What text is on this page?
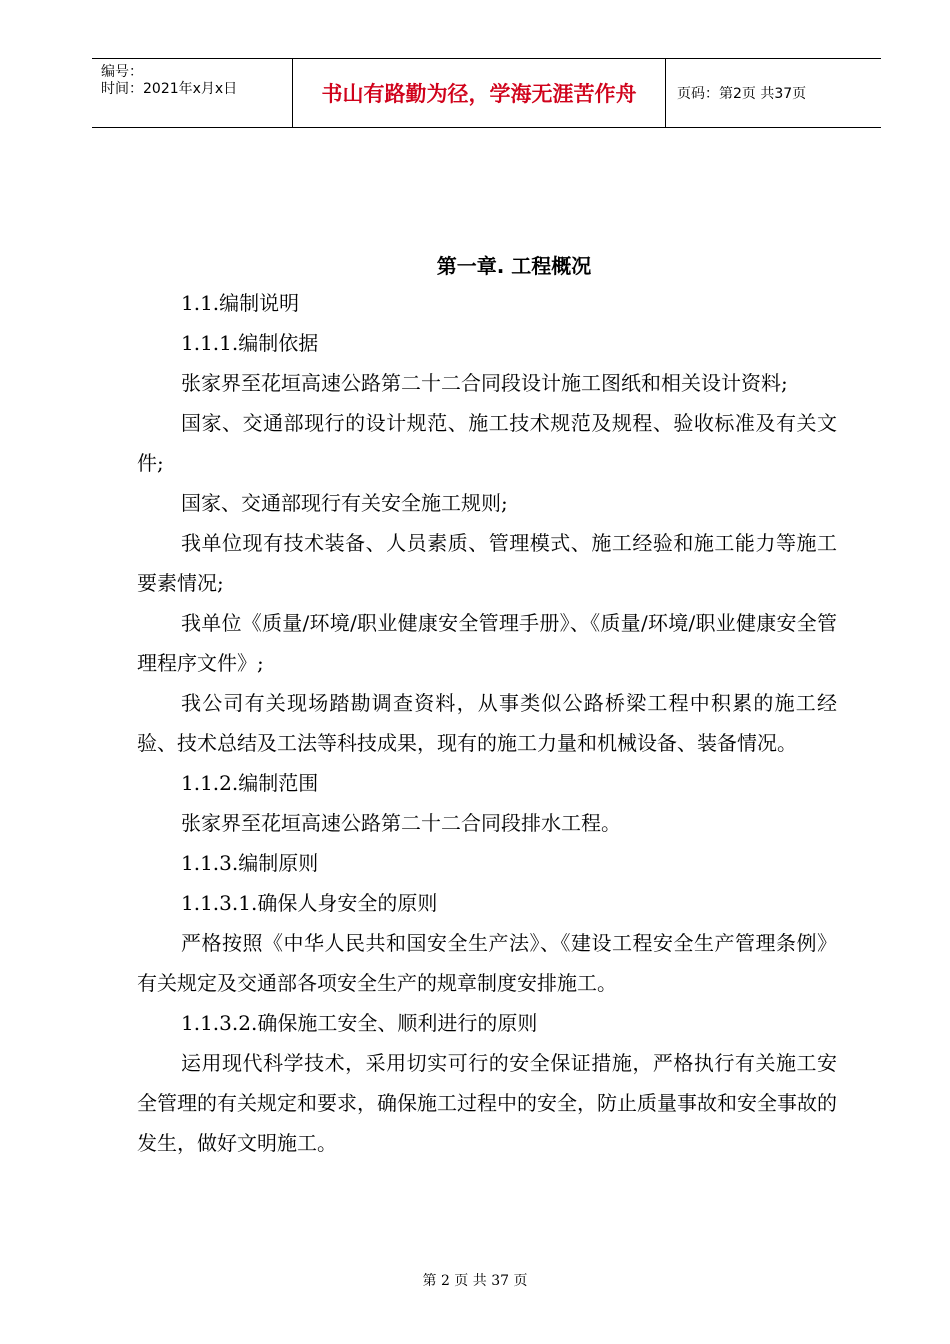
编号：
时间：2021年x月x日	书山有路勤为径，学海无涯苦作舟	页码：第2页 共37页
第一章. 工程概况

1.1.编制说明

1.1.1.编制依据

张家界至花垣高速公路第二十二合同段设计施工图纸和相关设计资料;

国家、交通部现行的设计规范、施工技术规范及规程、验收标准及有关文件;

国家、交通部现行有关安全施工规则;

我单位现有技术装备、人员素质、管理模式、施工经验和施工能力等施工要素情况;

我单位《质量/环境/职业健康安全管理手册》、《质量/环境/职业健康安全管理程序文件》;

我公司有关现场踏勘调查资料，从事类似公路桥梁工程中积累的施工经验、技术总结及工法等科技成果，现有的施工力量和机械设备、装备情况。

1.1.2.编制范围

张家界至花垣高速公路第二十二合同段排水工程。

1.1.3.编制原则

1.1.3.1.确保人身安全的原则

严格按照《中华人民共和国安全生产法》、《建设工程安全生产管理条例》有关规定及交通部各项安全生产的规章制度安排施工。

1.1.3.2.确保施工安全、顺利进行的原则

运用现代科学技术，采用切实可行的安全保证措施，严格执行有关施工安全管理的有关规定和要求，确保施工过程中的安全，防止质量事故和安全事故的发生，做好文明施工。

第 2 页 共 37 页
